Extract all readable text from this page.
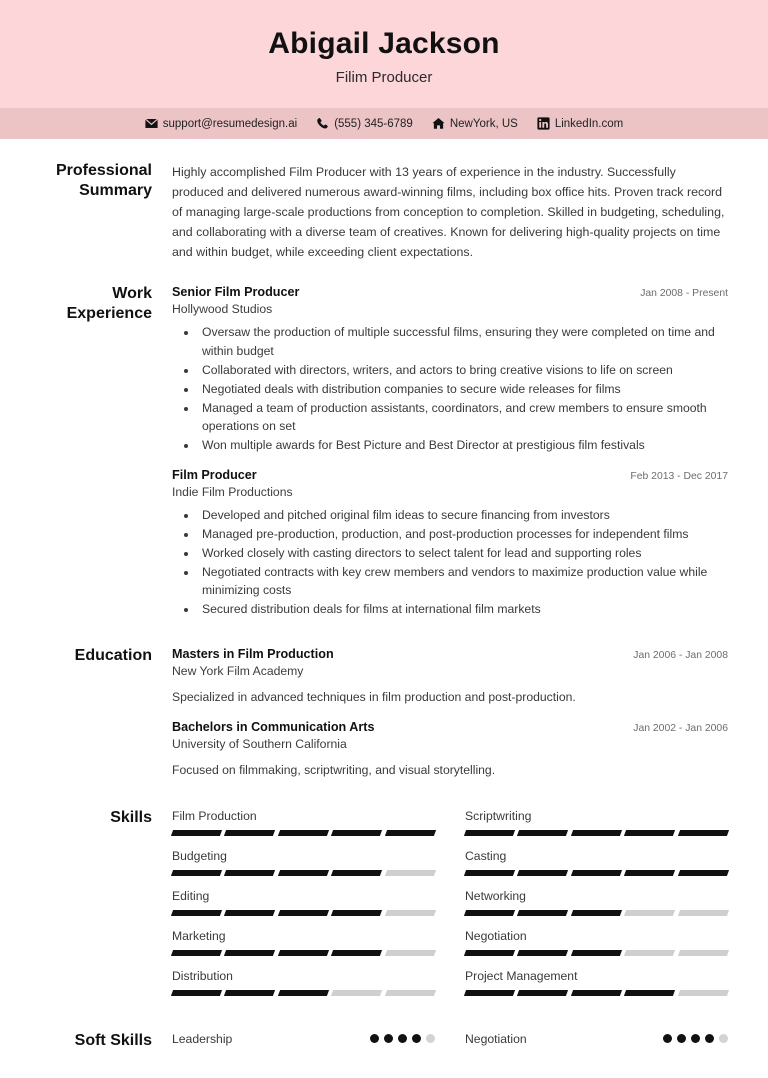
Abigail Jackson
Filim Producer
support@resumedesign.ai	(555) 345-6789	NewYork, US	LinkedIn.com
Professional Summary
Highly accomplished Film Producer with 13 years of experience in the industry. Successfully produced and delivered numerous award-winning films, including box office hits. Proven track record of managing large-scale productions from conception to completion. Skilled in budgeting, scheduling, and collaborating with a diverse team of creatives. Known for delivering high-quality projects on time and within budget, while exceeding client expectations.
Work Experience
Senior Film Producer	Jan 2008 - Present
Hollywood Studios
• Oversaw the production of multiple successful films, ensuring they were completed on time and within budget
• Collaborated with directors, writers, and actors to bring creative visions to life on screen
• Negotiated deals with distribution companies to secure wide releases for films
• Managed a team of production assistants, coordinators, and crew members to ensure smooth operations on set
• Won multiple awards for Best Picture and Best Director at prestigious film festivals
Film Producer	Feb 2013 - Dec 2017
Indie Film Productions
• Developed and pitched original film ideas to secure financing from investors
• Managed pre-production, production, and post-production processes for independent films
• Worked closely with casting directors to select talent for lead and supporting roles
• Negotiated contracts with key crew members and vendors to maximize production value while minimizing costs
• Secured distribution deals for films at international film markets
Education	Masters in Film Production	Jan 2006 - Jan 2008
New York Film Academy
Specialized in advanced techniques in film production and post-production.
Bachelors in Communication Arts	Jan 2002 - Jan 2006
University of Southern California
Focused on filmmaking, scriptwriting, and visual storytelling.
Skills	Film Production	Scriptwriting
Budgeting	Casting
Editing	Networking
Marketing	Negotiation
Distribution	Project Management
Soft Skills	Leadership	Negotiation
